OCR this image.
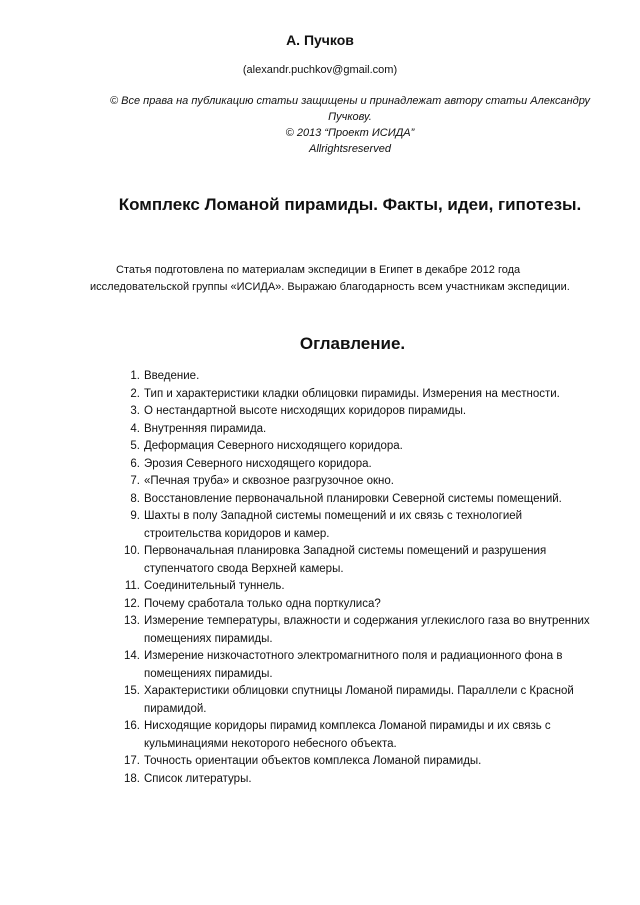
А. Пучков
(alexandr.puchkov@gmail.com)
© Все права на публикацию статьи защищены и принадлежат автору статьи Александру
Пучкову.
© 2013 “Проект ИСИДА”
Allrightsreserved
Комплекс Ломаной пирамиды. Факты, идеи, гипотезы.
Статья подготовлена по материалам экспедиции в Египет в декабре 2012 года
исследовательской группы «ИСИДА». Выражаю благодарность всем участникам экспедиции.
Оглавление.
1. Введение.
2. Тип и характеристики кладки облицовки пирамиды. Измерения на местности.
3. О нестандартной высоте нисходящих коридоров пирамиды.
4. Внутренняя пирамида.
5. Деформация Северного нисходящего коридора.
6. Эрозия Северного нисходящего коридора.
7. «Печная труба» и сквозное разгрузочное окно.
8. Восстановление первоначальной планировки Северной системы помещений.
9. Шахты в полу Западной системы помещений и их связь с технологией строительства коридоров и камер.
10. Первоначальная планировка Западной системы помещений и разрушения ступенчатого свода Верхней камеры.
11. Соединительный туннель.
12. Почему сработала только одна порткулиса?
13. Измерение температуры, влажности и содержания углекислого газа во внутренних помещениях пирамиды.
14. Измерение низкочастотного электромагнитного поля и радиационного фона в помещениях пирамиды.
15. Характеристики облицовки спутницы Ломаной пирамиды. Параллели с Красной пирамидой.
16. Нисходящие коридоры пирамид комплекса Ломаной пирамиды и их связь с кульминациями некоторого небесного объекта.
17. Точность ориентации объектов комплекса Ломаной пирамиды.
18. Список литературы.
